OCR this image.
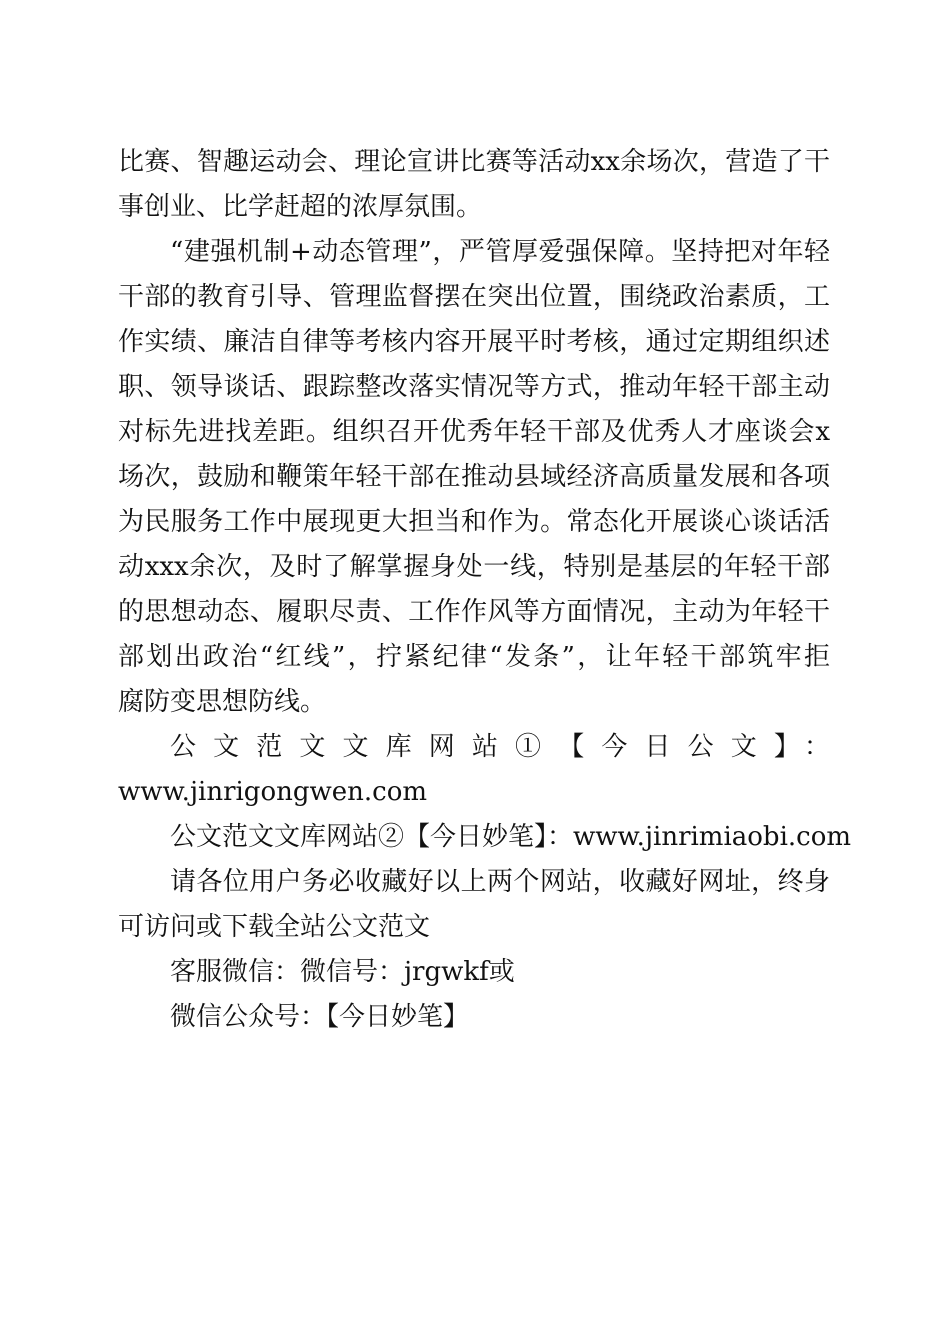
比赛、智趣运动会、理论宣讲比赛等活动xx余场次，营造了干
事创业、比学赶超的浓厚氛围。
“建强机制+动态管理”，严管厚爱强保障。坚持把对年轻
干部的教育引导、管理监督摆在突出位置，围绕政治素质，工
作实绩、廉洁自律等考核内容开展平时考核，通过定期组织述
职、领导谈话、跟踪整改落实情况等方式，推动年轻干部主动
对标先进找差距。组织召开优秀年轻干部及优秀人才座谈会x
场次，鼓励和鞭策年轻干部在推动县域经济高质量发展和各项
为民服务工作中展现更大担当和作为。常态化开展谈心谈话活
动xxx余次，及时了解掌握身处一线，特别是基层的年轻干部
的思想动态、履职尽责、工作作风等方面情况，主动为年轻干
部划出政治“红线”，拧紧纪律“发条”，让年轻干部筑牢拒
腐防变思想防线。
公文范文文库网站①【今日公文】：
www.jinrigongwen.com
公文范文文库网站②【今日妙笔】：www.jinrimiaobi.com
请各位用户务必收藏好以上两个网站，收藏好网址，终身
可访问或下载全站公文范文
客服微信：微信号：jrgwkf或
微信公众号：【今日妙笔】
